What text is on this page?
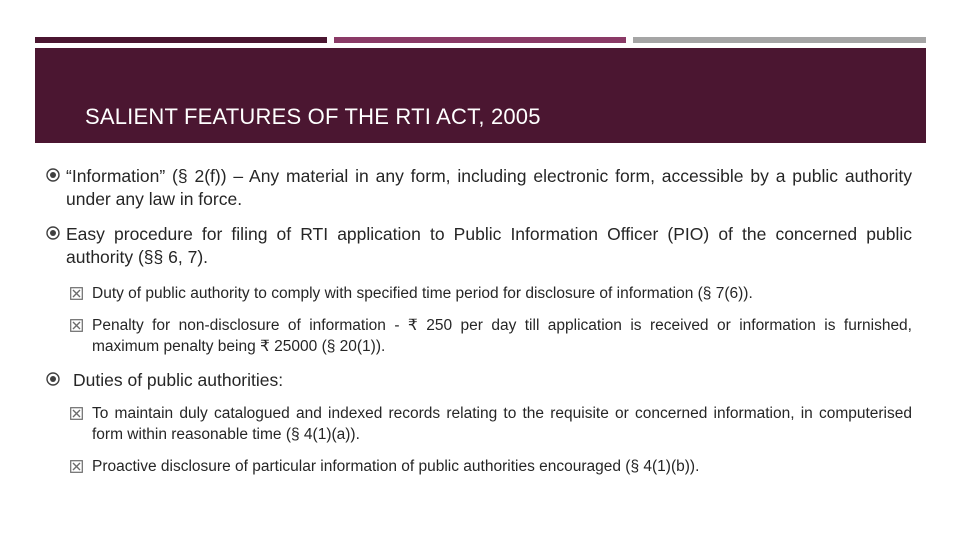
SALIENT FEATURES OF THE RTI ACT, 2005
“Information” (§ 2(f)) – Any material in any form, including electronic form, accessible by a public authority under any law in force.
Easy procedure for filing of RTI application to Public Information Officer (PIO) of the concerned public authority (§§ 6, 7).
Duty of public authority to comply with specified time period for disclosure of information (§ 7(6)).
Penalty for non-disclosure of information - ₹ 250 per day till application is received or information is furnished, maximum penalty being ₹ 25000 (§ 20(1)).
Duties of public authorities:
To maintain duly catalogued and indexed records relating to the requisite or concerned information, in computerised form within reasonable time (§ 4(1)(a)).
Proactive disclosure of particular information of public authorities encouraged (§ 4(1)(b)).
